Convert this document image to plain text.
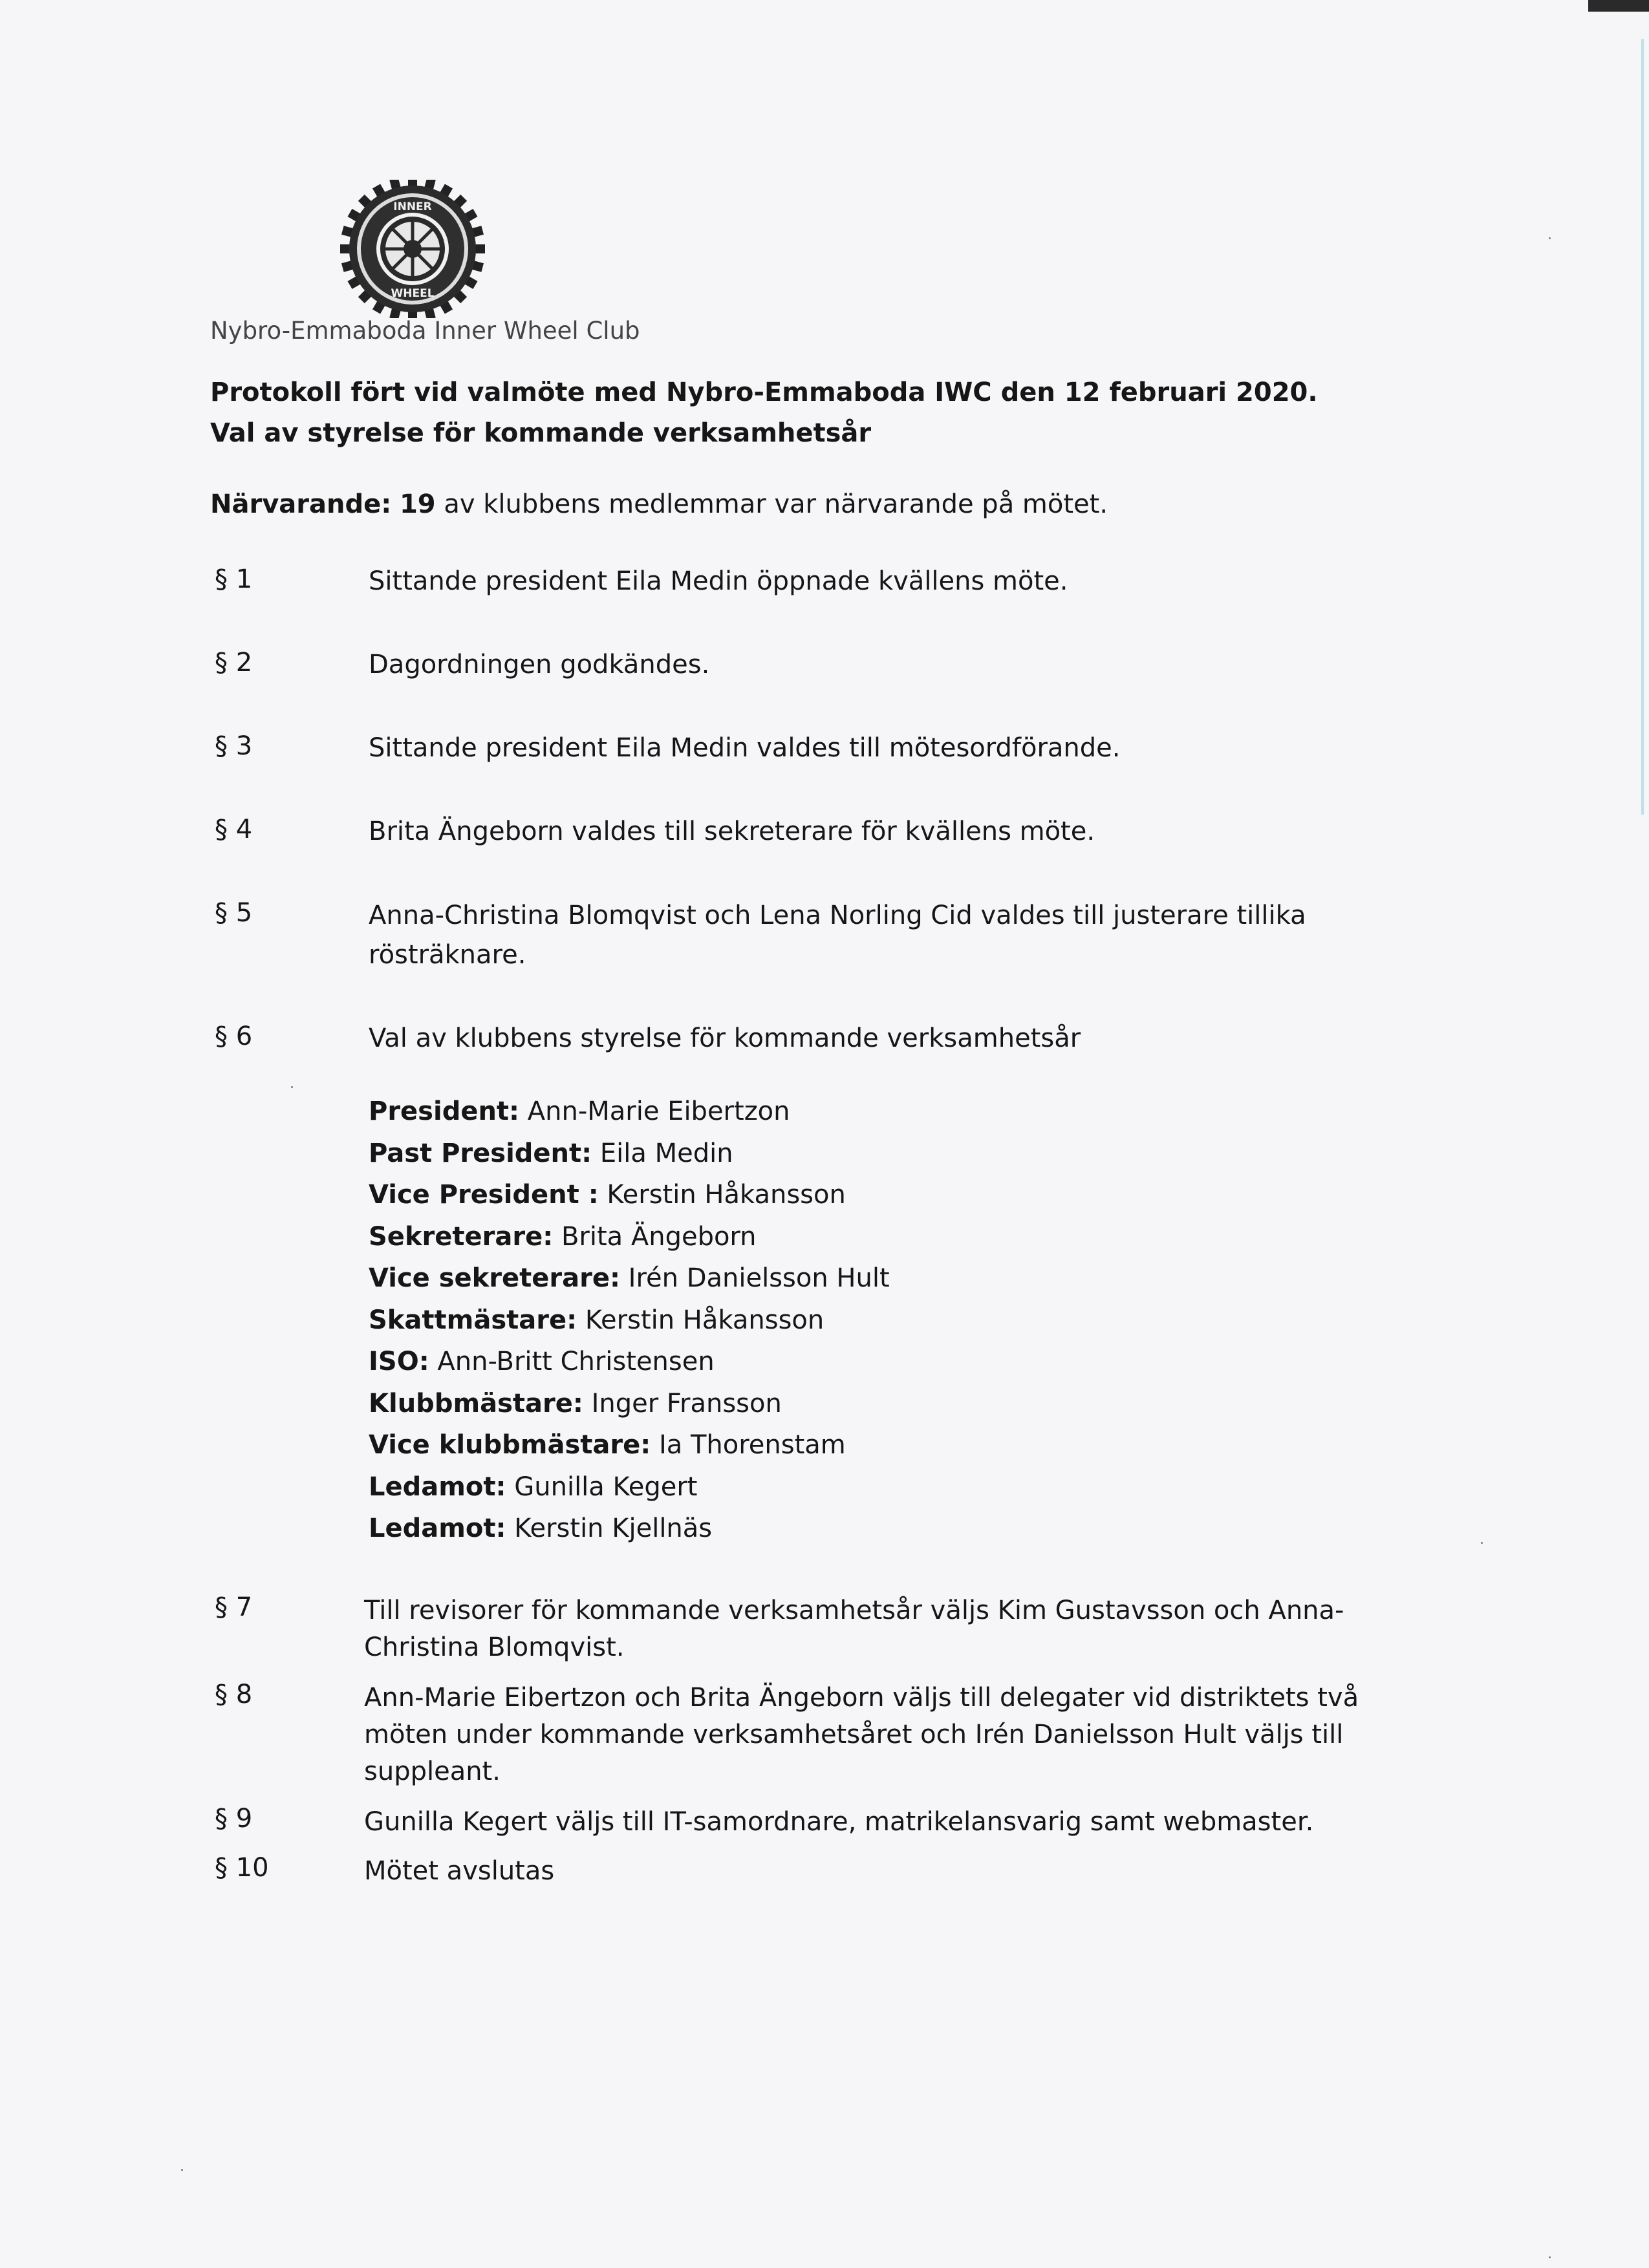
INNER
WHEEL
Nybro-Emmaboda Inner Wheel Club
Protokoll fört vid valmöte med Nybro-Emmaboda IWC den 12 februari 2020.
Val av styrelse för kommande verksamhetsår
Närvarande: 19 av klubbens medlemmar var närvarande på mötet.
§ 1	Sittande president Eila Medin öppnade kvällens möte.
§ 2	Dagordningen godkändes.
§ 3	Sittande president Eila Medin valdes till mötesordförande.
§ 4	Brita Ängeborn valdes till sekreterare för kvällens möte.
§ 5	Anna-Christina Blomqvist och Lena Norling Cid valdes till justerare tillika
rösträknare.
§ 6	Val av klubbens styrelse för kommande verksamhetsår
President: Ann-Marie Eibertzon
Past President: Eila Medin
Vice President : Kerstin Håkansson
Sekreterare: Brita Ängeborn
Vice sekreterare: Irén Danielsson Hult
Skattmästare: Kerstin Håkansson
ISO: Ann-Britt Christensen
Klubbmästare: Inger Fransson
Vice klubbmästare: Ia Thorenstam
Ledamot: Gunilla Kegert
Ledamot: Kerstin Kjellnäs
§ 7	Till revisorer för kommande verksamhetsår väljs Kim Gustavsson och Anna-
Christina Blomqvist.
§ 8	Ann-Marie Eibertzon och Brita Ängeborn väljs till delegater vid distriktets två
möten under kommande verksamhetsåret och Irén Danielsson Hult väljs till
suppleant.
§ 9	Gunilla Kegert väljs till IT-samordnare, matrikelansvarig samt webmaster.
§ 10	Mötet avslutas
